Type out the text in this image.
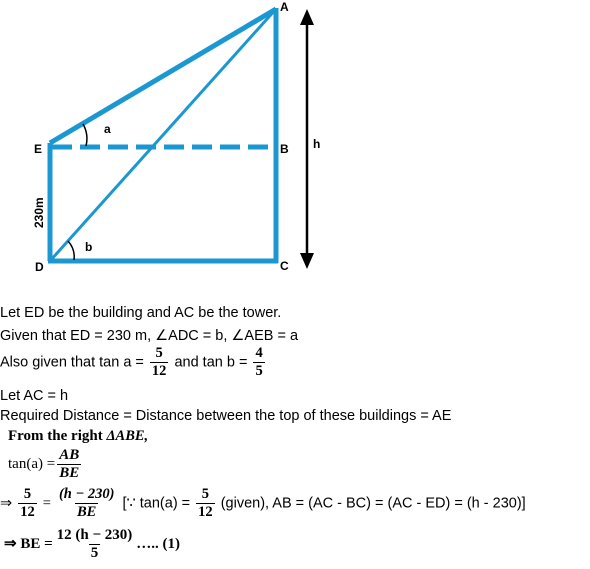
A
B
C
D
E	h
a
b
230m
Let ED be the building and AC be the tower.
Given that ED = 230 m, ∠ADC = b, ∠AEB = a
Also given that $\tan a = \frac{5}{12}$ and $\tan b = \frac{4}{5}$
Let AC = h
Required Distance = Distance between the top of these buildings = AE
From the right ΔABE,
$\tan(a) = \frac{AB}{BE}$
⇒ $\frac{5}{12} = \frac{(h - 230)}{BE}$ [∵ $\tan(a) = \frac{5}{12}$ (given), AB = (AC - BC) = (AC - ED) = (h - 230)]
⇒ BE = $\frac{12 (h - 230)}{5}$ ….. (1)
